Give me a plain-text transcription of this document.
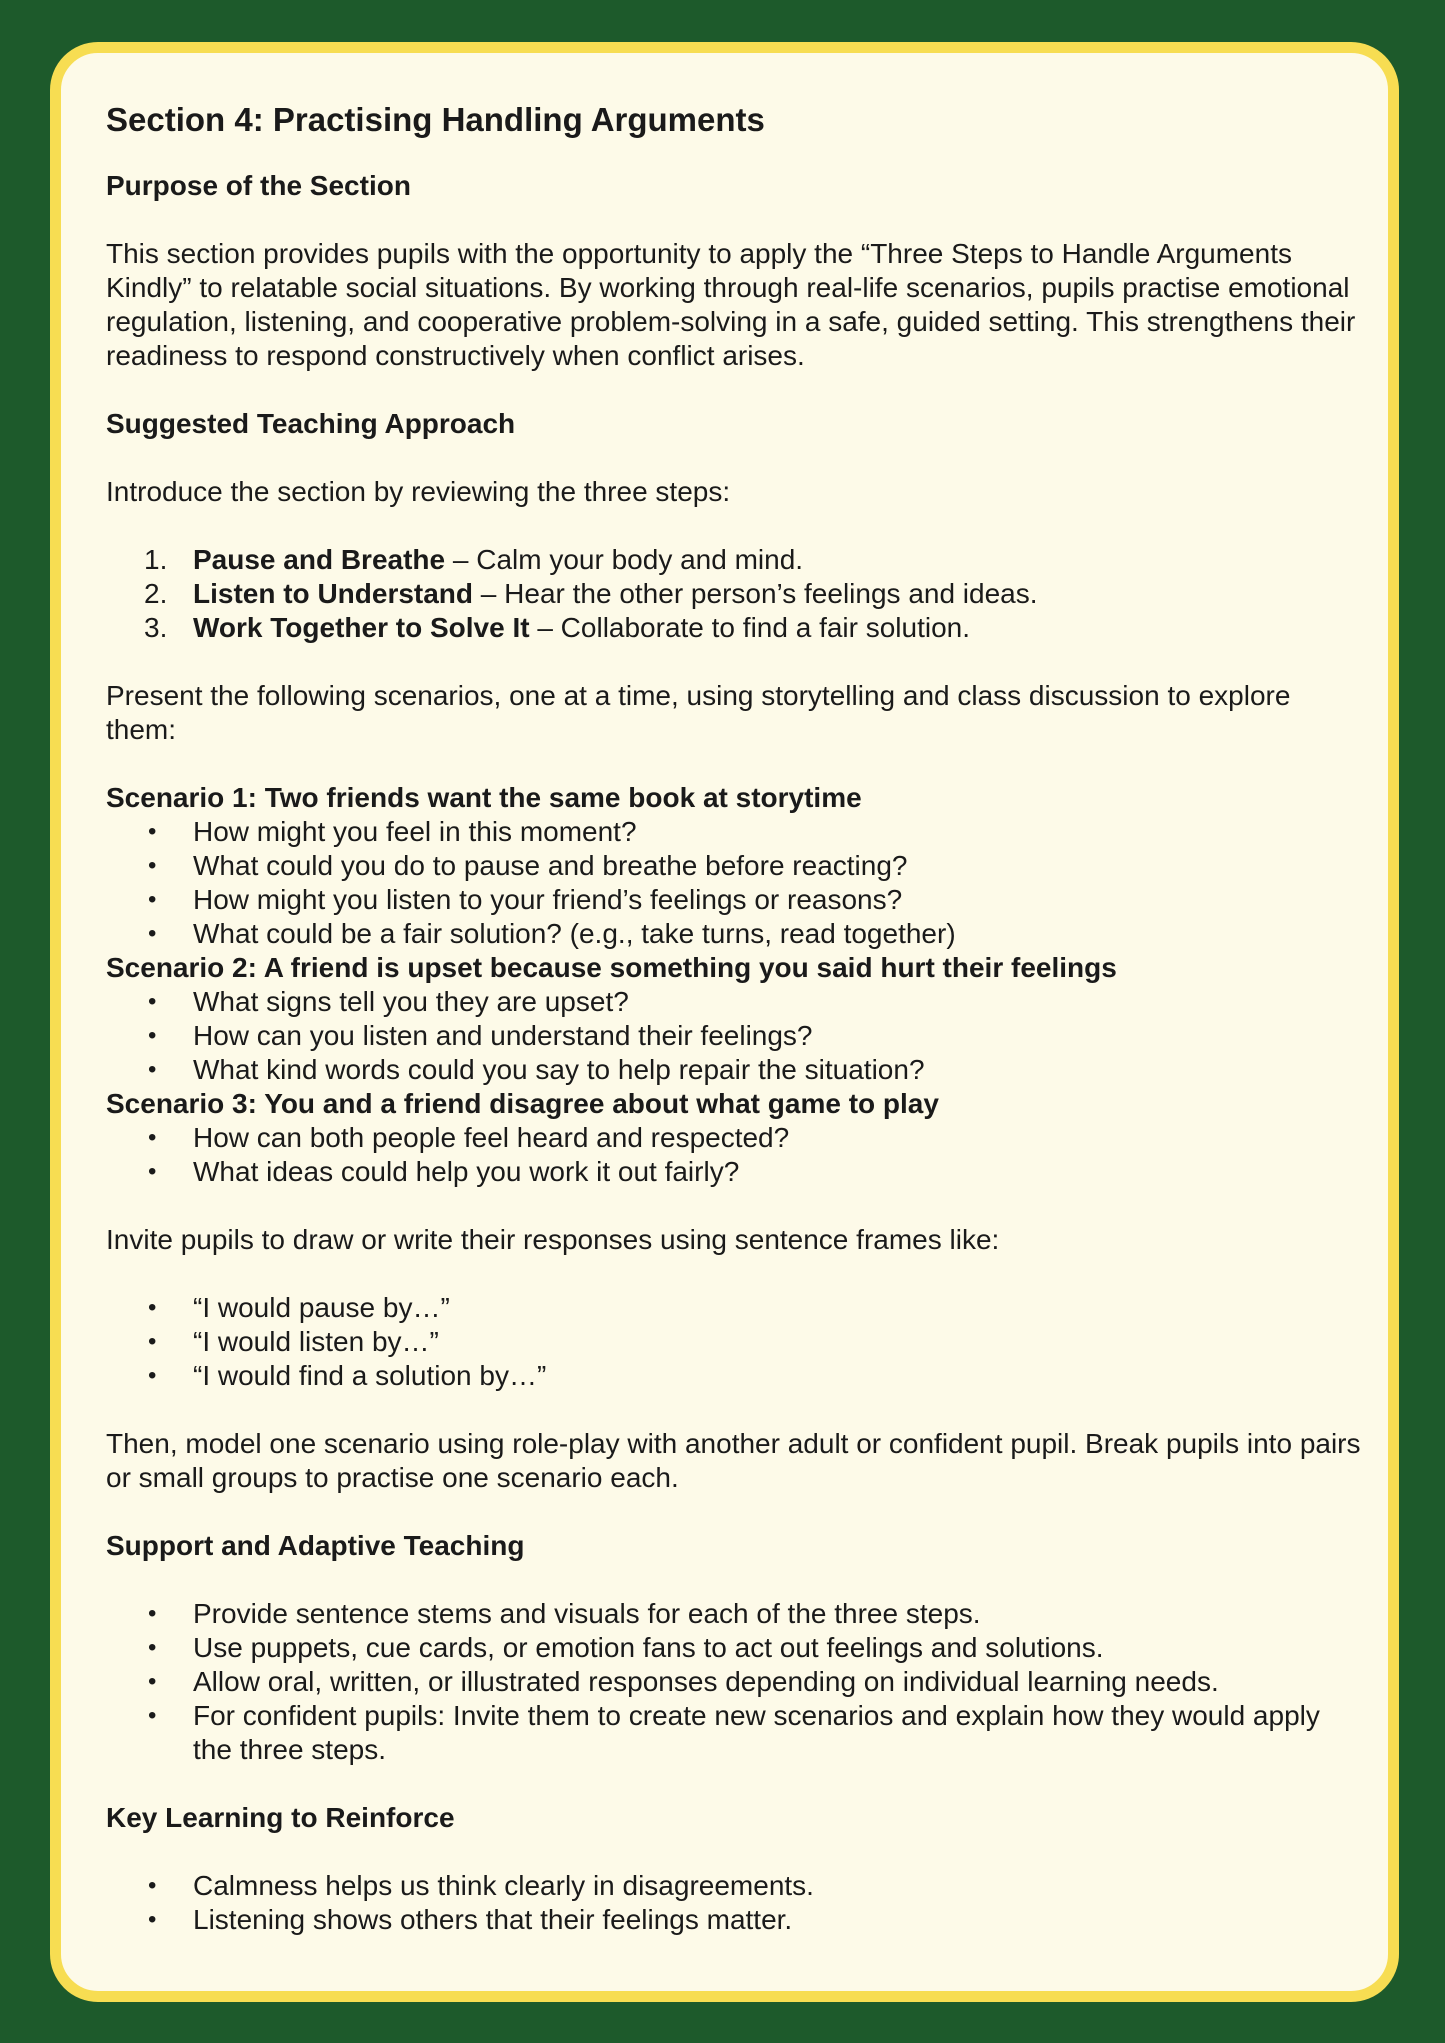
Section 4: Practising Handling Arguments
Purpose of the Section

This section provides pupils with the opportunity to apply the “Three Steps to Handle Arguments Kindly” to relatable social situations. By working through real-life scenarios, pupils practise emotional regulation, listening, and cooperative problem-solving in a safe, guided setting. This strengthens their readiness to respond constructively when conflict arises.

Suggested Teaching Approach

Introduce the section by reviewing the three steps:

1. Pause and Breathe – Calm your body and mind.
2. Listen to Understand – Hear the other person’s feelings and ideas.
3. Work Together to Solve It – Collaborate to find a fair solution.

Present the following scenarios, one at a time, using storytelling and class discussion to explore them:

Scenario 1: Two friends want the same book at storytime
•	How might you feel in this moment?
•	What could you do to pause and breathe before reacting?
•	How might you listen to your friend’s feelings or reasons?
•	What could be a fair solution? (e.g., take turns, read together)
Scenario 2: A friend is upset because something you said hurt their feelings
•	What signs tell you they are upset?
•	How can you listen and understand their feelings?
•	What kind words could you say to help repair the situation?
Scenario 3: You and a friend disagree about what game to play
•	How can both people feel heard and respected?
•	What ideas could help you work it out fairly?

Invite pupils to draw or write their responses using sentence frames like:

•	“I would pause by…”
•	“I would listen by…”
•	“I would find a solution by…”

Then, model one scenario using role-play with another adult or confident pupil. Break pupils into pairs or small groups to practise one scenario each.

Support and Adaptive Teaching
•	Provide sentence stems and visuals for each of the three steps.
•	Use puppets, cue cards, or emotion fans to act out feelings and solutions.
•	Allow oral, written, or illustrated responses depending on individual learning needs.
•	For confident pupils: Invite them to create new scenarios and explain how they would apply the three steps.
Key Learning to Reinforce
•	Calmness helps us think clearly in disagreements.
•	Listening shows others that their feelings matter.
